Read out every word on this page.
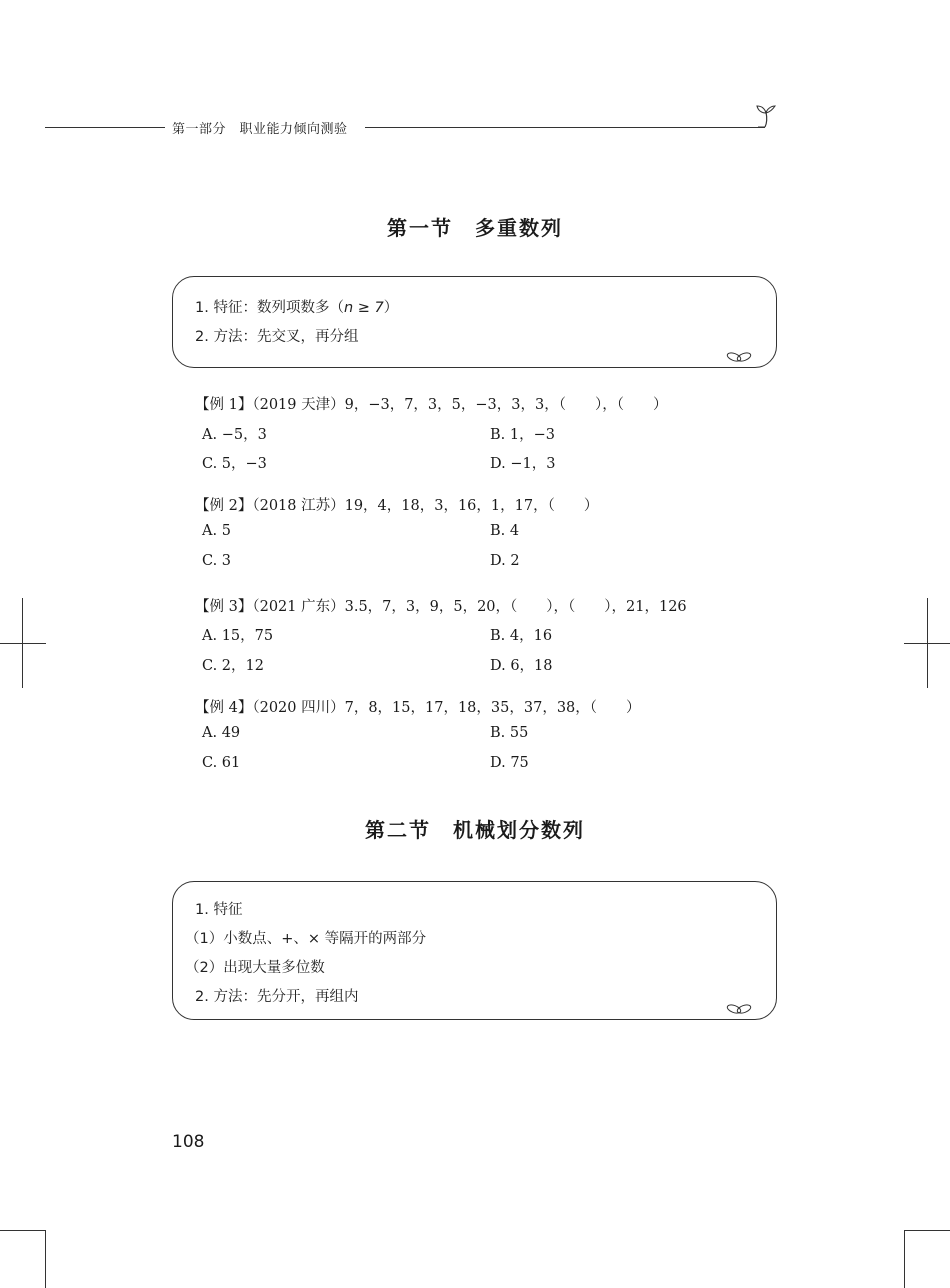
第一部分　职业能力倾向测验
第一节　多重数列
1. 特征：数列项数多（n ≥ 7）
2. 方法：先交叉，再分组
【例 1】（2019 天津）9，−3，7，3，5，−3，3，3，（　　），（　　）
A. −5，3	B. 1，−3
C. 5，−3	D. −1，3
【例 2】（2018 江苏）19，4，18，3，16，1，17，（　　）
A. 5	B. 4
C. 3	D. 2
【例 3】（2021 广东）3.5，7，3，9，5，20，（　　），（　　），21，126
A. 15，75	B. 4，16
C. 2，12	D. 6，18
【例 4】（2020 四川）7，8，15，17，18，35，37，38，（　　）
A. 49	B. 55
C. 61	D. 75
第二节　机械划分数列
1. 特征
（1）小数点、+、× 等隔开的两部分
（2）出现大量多位数
2. 方法：先分开，再组内
108
